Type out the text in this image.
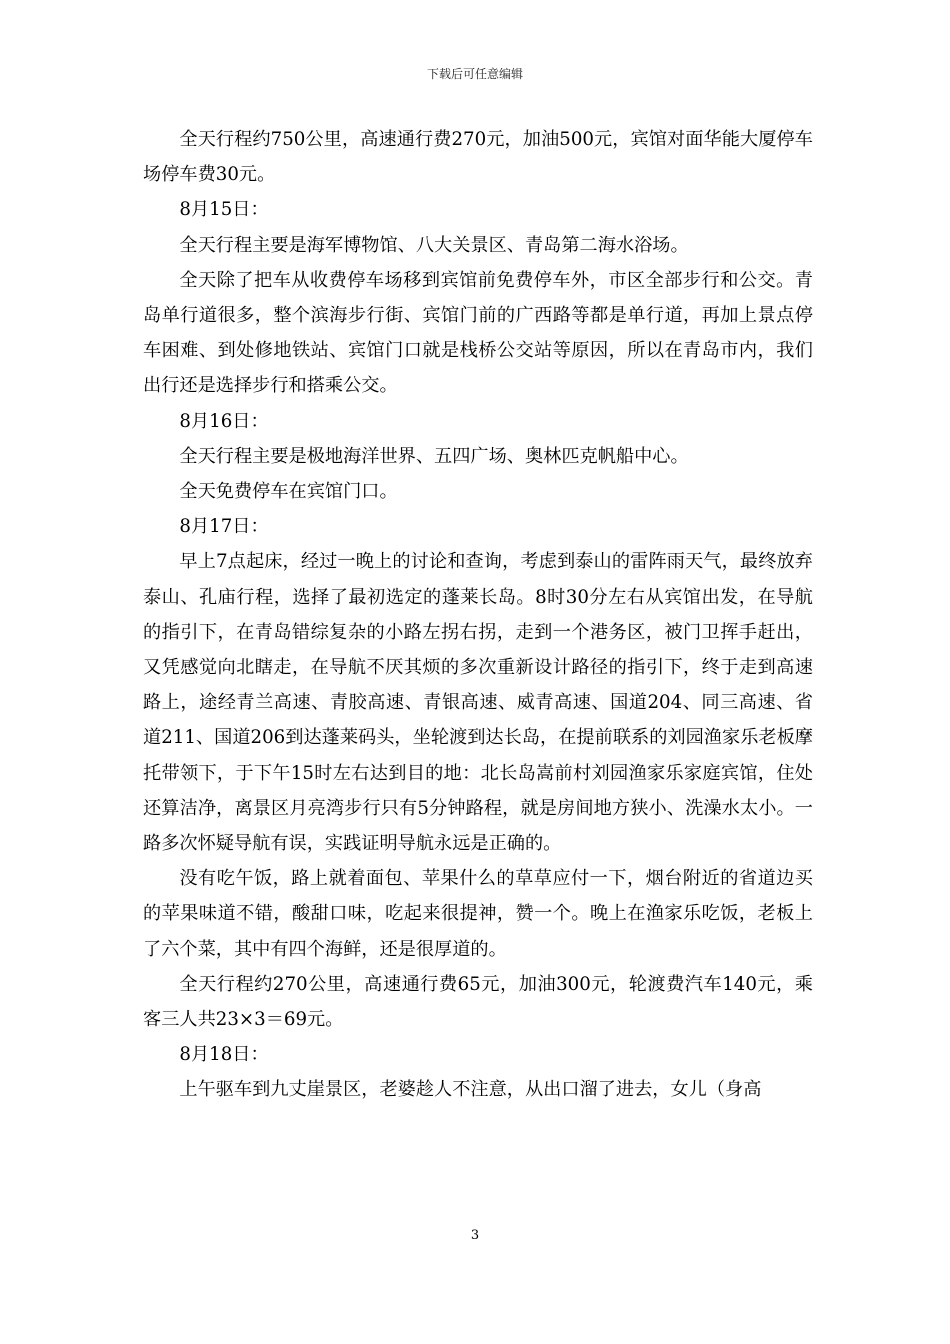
下载后可任意编辑

全天行程约750公里，高速通行费270元，加油500元，宾馆对面华能大厦停车场停车费30元。

8月15日：

全天行程主要是海军博物馆、八大关景区、青岛第二海水浴场。

全天除了把车从收费停车场移到宾馆前免费停车外，市区全部步行和公交。青岛单行道很多，整个滨海步行街、宾馆门前的广西路等都是单行道，再加上景点停车困难、到处修地铁站、宾馆门口就是栈桥公交站等原因，所以在青岛市内，我们出行还是选择步行和搭乘公交。

8月16日：

全天行程主要是极地海洋世界、五四广场、奥林匹克帆船中心。

全天免费停车在宾馆门口。

8月17日：

早上7点起床，经过一晚上的讨论和查询，考虑到泰山的雷阵雨天气，最终放弃泰山、孔庙行程，选择了最初选定的蓬莱长岛。8时30分左右从宾馆出发，在导航的指引下，在青岛错综复杂的小路左拐右拐，走到一个港务区，被门卫挥手赶出，又凭感觉向北瞎走，在导航不厌其烦的多次重新设计路径的指引下，终于走到高速路上，途经青兰高速、青胶高速、青银高速、威青高速、国道204、同三高速、省道211、国道206到达蓬莱码头，坐轮渡到达长岛，在提前联系的刘园渔家乐老板摩托带领下，于下午15时左右达到目的地：北长岛嵩前村刘园渔家乐家庭宾馆，住处还算洁净，离景区月亮湾步行只有5分钟路程，就是房间地方狭小、洗澡水太小。一路多次怀疑导航有误，实践证明导航永远是正确的。

没有吃午饭，路上就着面包、苹果什么的草草应付一下，烟台附近的省道边买的苹果味道不错，酸甜口味，吃起来很提神，赞一个。晚上在渔家乐吃饭，老板上了六个菜，其中有四个海鲜，还是很厚道的。

全天行程约270公里，高速通行费65元，加油300元，轮渡费汽车140元，乘客三人共23×3＝69元。

8月18日：

上午驱车到九丈崖景区，老婆趁人不注意，从出口溜了进去，女儿（身高

3
